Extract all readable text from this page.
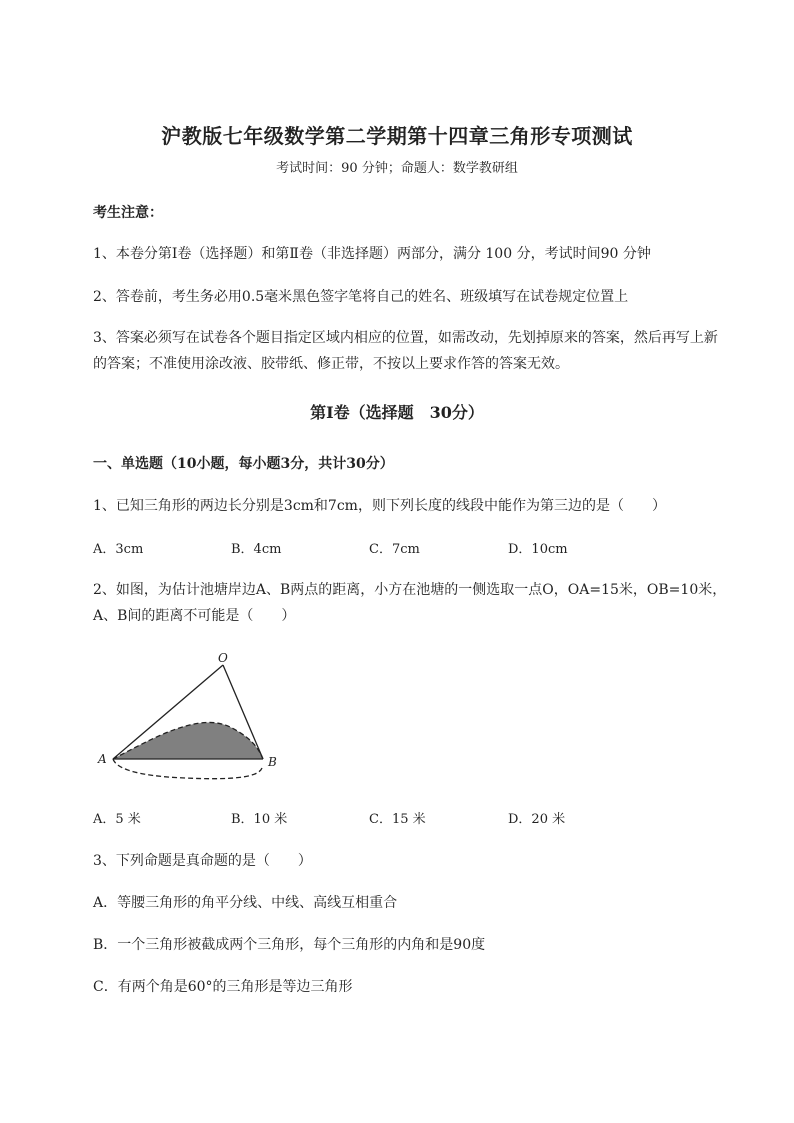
沪教版七年级数学第二学期第十四章三角形专项测试
考试时间：90 分钟；命题人：数学教研组
考生注意：
1、本卷分第Ⅰ卷（选择题）和第Ⅱ卷（非选择题）两部分，满分 100 分，考试时间90 分钟
2、答卷前，考生务必用0.5毫米黑色签字笔将自己的姓名、班级填写在试卷规定位置上
3、答案必须写在试卷各个题目指定区域内相应的位置，如需改动，先划掉原来的答案，然后再写上新
的答案；不准使用涂改液、胶带纸、修正带，不按以上要求作答的答案无效。
第Ⅰ卷（选择题　30分）
一、单选题（10小题，每小题3分，共计30分）
1、已知三角形的两边长分别是3cm和7cm，则下列长度的线段中能作为第三边的是（　　）
A．3cm	B．4cm	C．7cm	D．10cm
2、如图，为估计池塘岸边A、B两点的距离，小方在池塘的一侧选取一点O，OA=15米，OB=10米，
A、B间的距离不可能是（　　）
O
A	B
A．5 米	B．10 米	C．15 米	D．20 米
3、下列命题是真命题的是（　　）
A．等腰三角形的角平分线、中线、高线互相重合
B．一个三角形被截成两个三角形，每个三角形的内角和是90度
C．有两个角是60°的三角形是等边三角形
